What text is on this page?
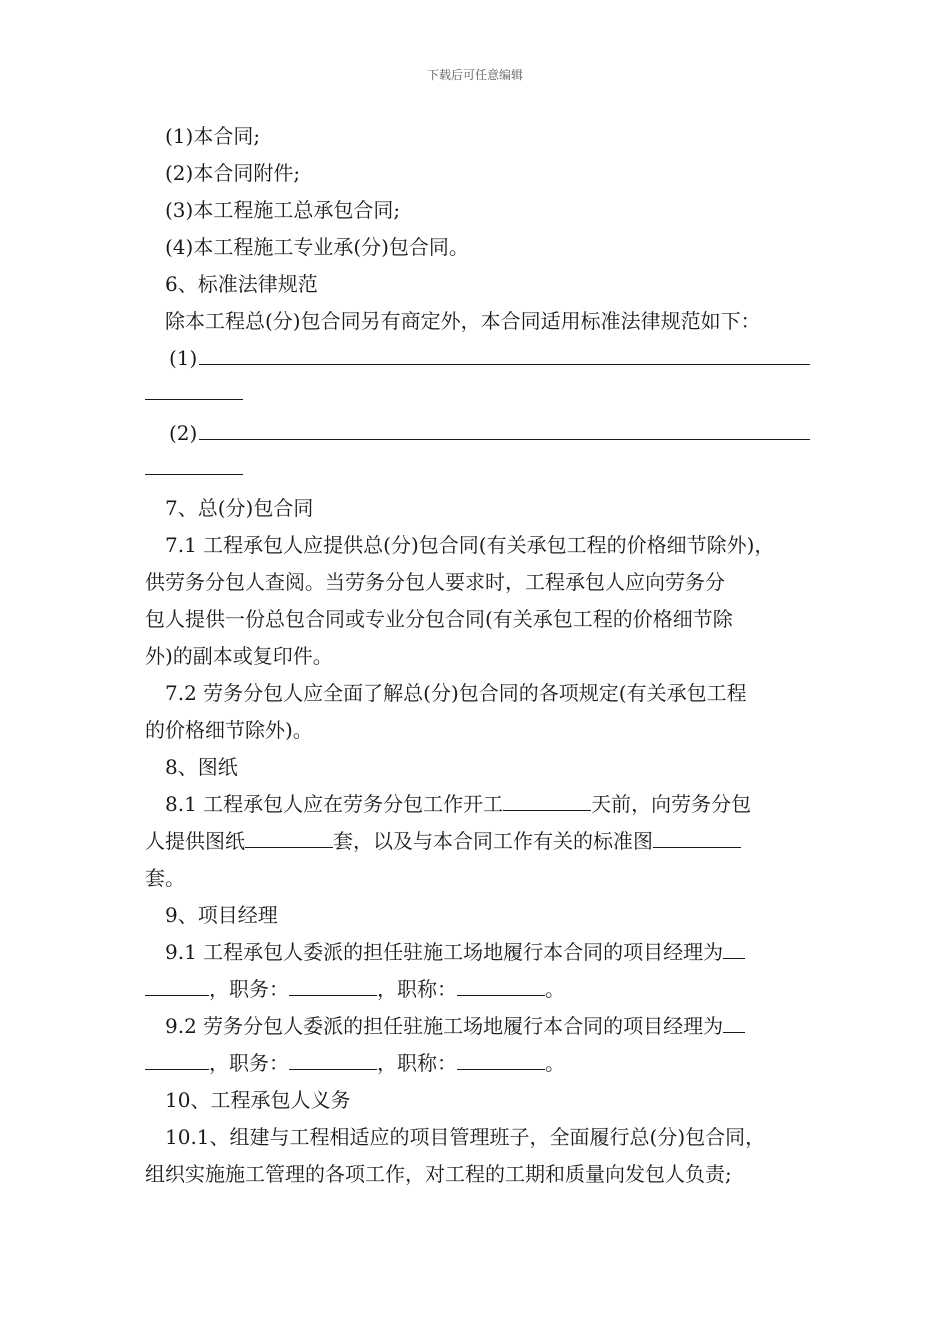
下载后可任意编辑

(1)本合同;

(2)本合同附件;

(3)本工程施工总承包合同;

(4)本工程施工专业承(分)包合同。

6、标准法律规范

除本工程总(分)包合同另有商定外，本合同适用标准法律规范如下：

(1)
(2)

7、总(分)包合同

7.1 工程承包人应提供总(分)包合同(有关承包工程的价格细节除外)，

供劳务分包人查阅。当劳务分包人要求时，工程承包人应向劳务分

包人提供一份总包合同或专业分包合同(有关承包工程的价格细节除

外)的副本或复印件。

7.2 劳务分包人应全面了解总(分)包合同的各项规定(有关承包工程

的价格细节除外)。

8、图纸

8.1 工程承包人应在劳务分包工作开工	天前，向劳务分包

人提供图纸	套，以及与本合同工作有关的标准图

套。

9、项目经理

9.1 工程承包人委派的担任驻施工场地履行本合同的项目经理为

，职务：	，职称：	。

9.2 劳务分包人委派的担任驻施工场地履行本合同的项目经理为

，职务：	，职称：	。

10、工程承包人义务

10.1、组建与工程相适应的项目管理班子，全面履行总(分)包合同，

组织实施施工管理的各项工作，对工程的工期和质量向发包人负责;
